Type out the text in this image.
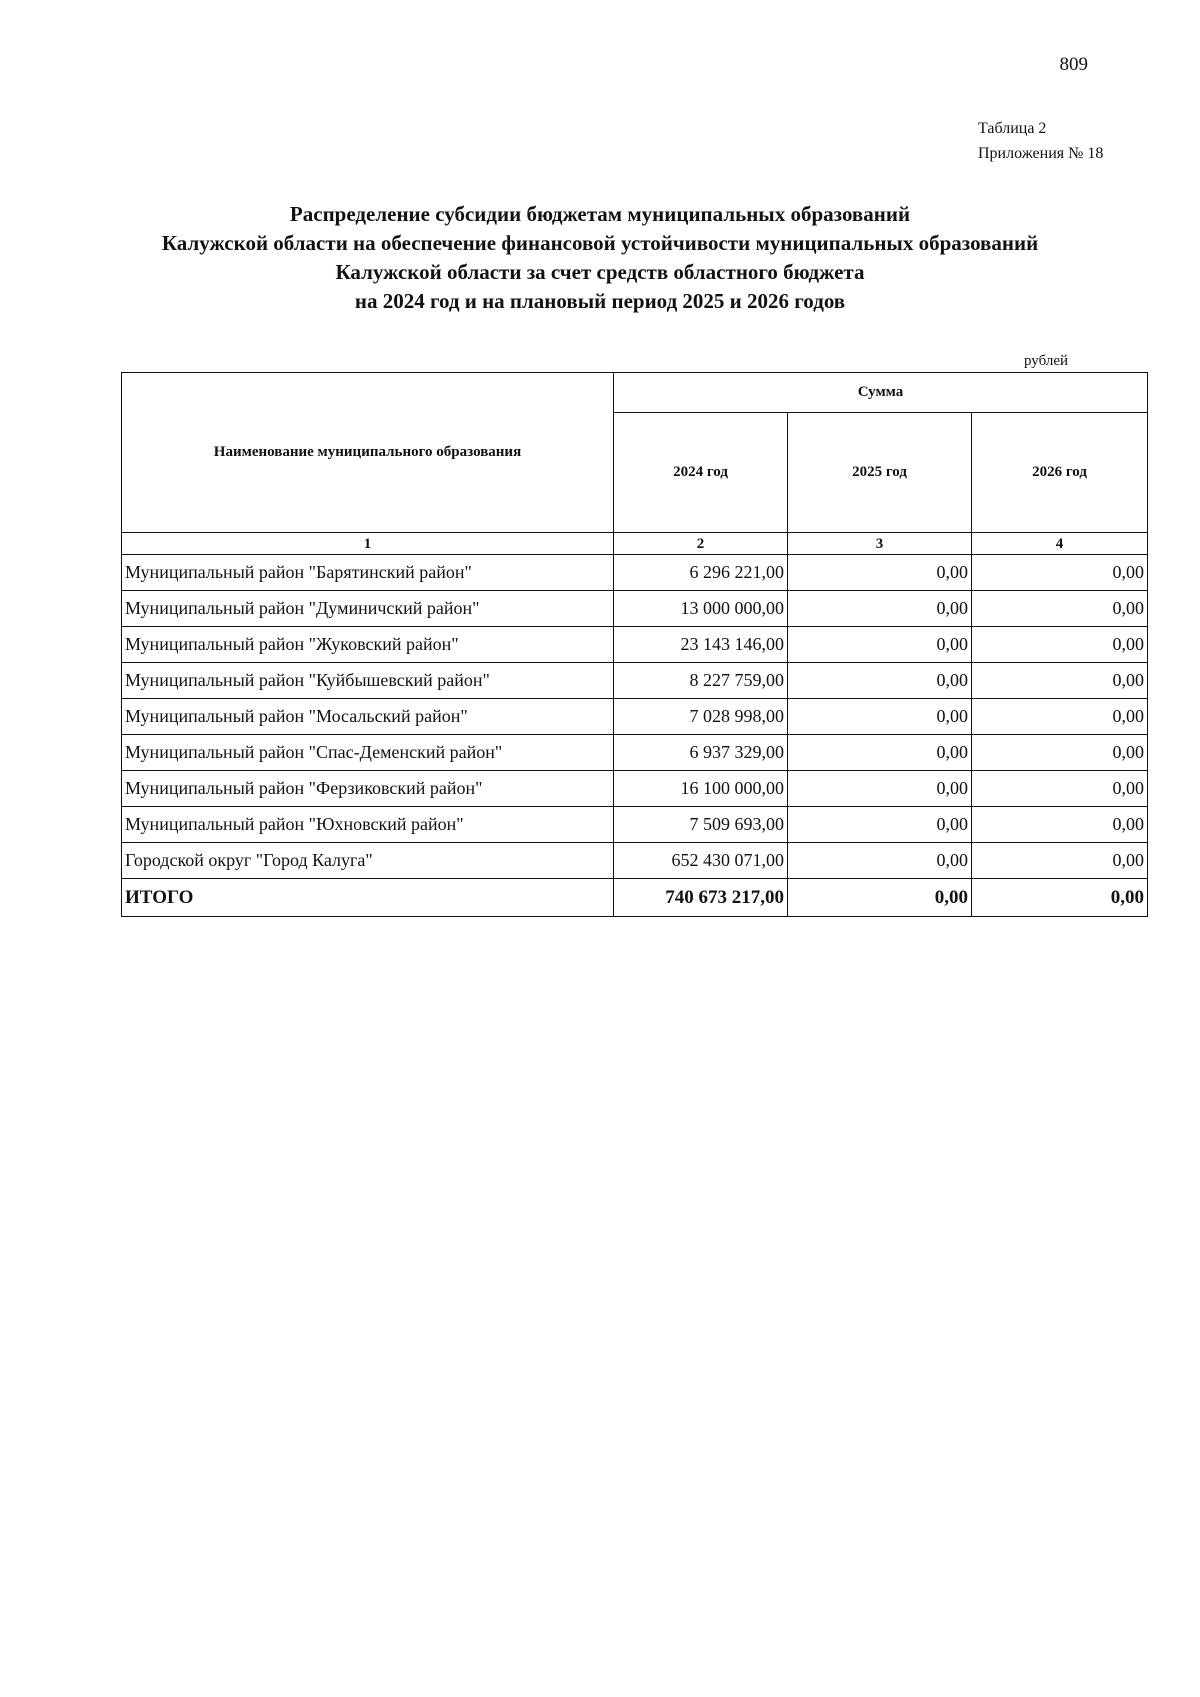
809
Таблица 2
Приложения № 18
Распределение субсидии бюджетам муниципальных образований
Калужской области на обеспечение финансовой устойчивости муниципальных образований
Калужской области за счет средств областного бюджета
на 2024 год и на плановый период 2025 и 2026 годов
рублей
Наименование муниципального образования	Сумма		
	2024 год	2025 год	2026 год
1	2	3	4
Муниципальный район "Барятинский район"	6 296 221,00	0,00	0,00
Муниципальный район "Думиничский район"	13 000 000,00	0,00	0,00
Муниципальный район "Жуковский район"	23 143 146,00	0,00	0,00
Муниципальный район "Куйбышевский район"	8 227 759,00	0,00	0,00
Муниципальный район "Мосальский район"	7 028 998,00	0,00	0,00
Муниципальный район "Спас-Деменский район"	6 937 329,00	0,00	0,00
Муниципальный район "Ферзиковский район"	16 100 000,00	0,00	0,00
Муниципальный район "Юхновский район"	7 509 693,00	0,00	0,00
Городской округ "Город Калуга"	652 430 071,00	0,00	0,00
ИТОГО	740 673 217,00	0,00	0,00
